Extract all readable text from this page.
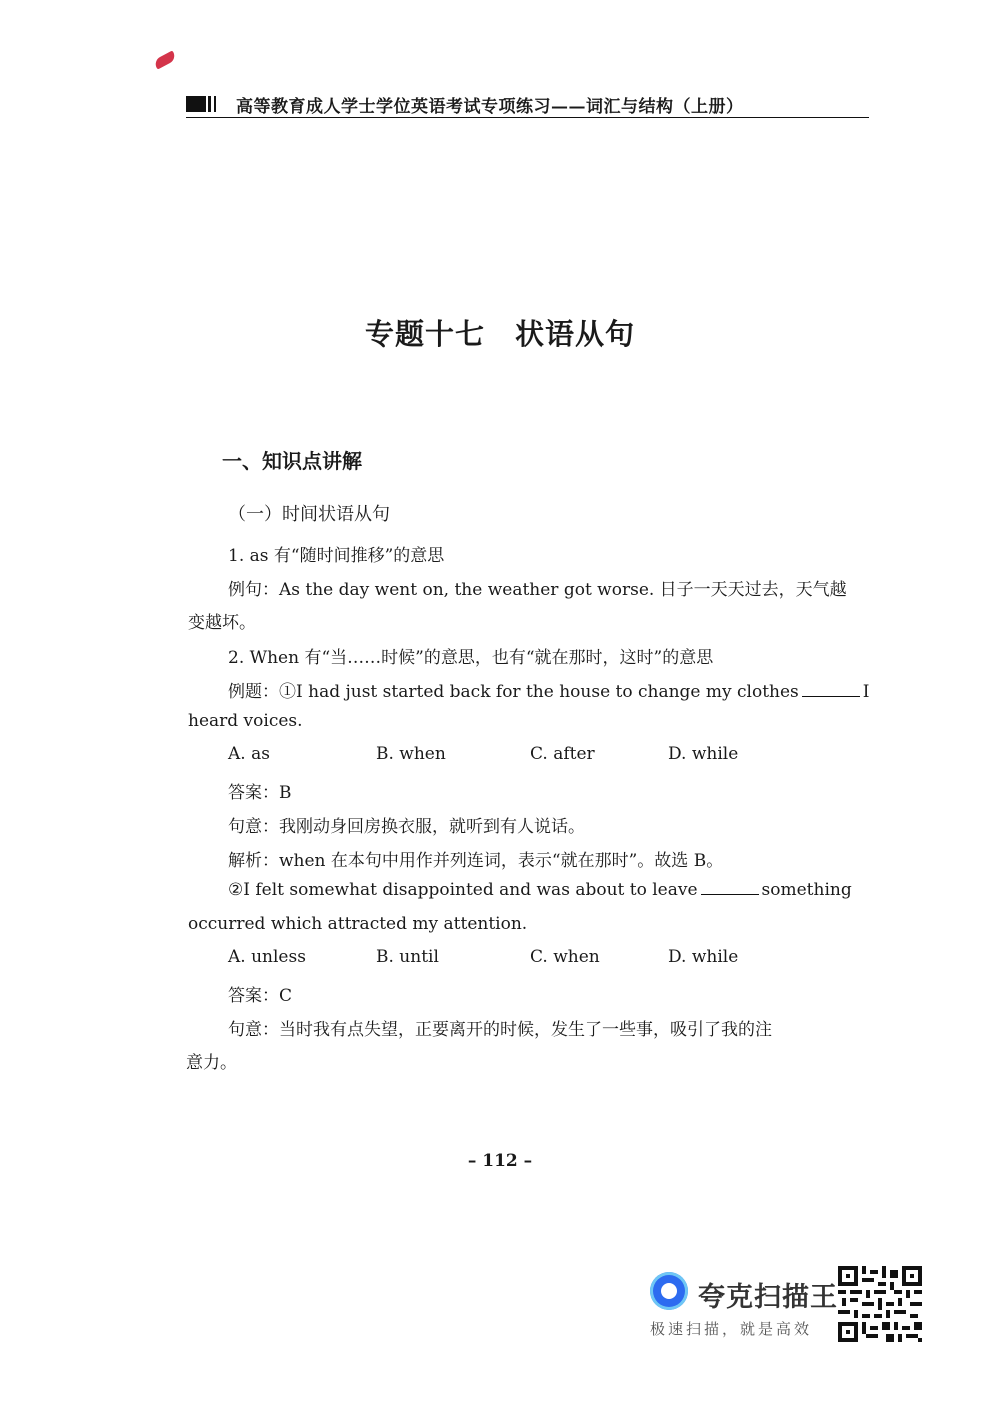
高等教育成人学士学位英语考试专项练习——词汇与结构（上册）
专题十七　状语从句
一、知识点讲解
（一）时间状语从句
1. as 有“随时间推移”的意思
例句：As the day went on, the weather got worse. 日子一天天过去，天气越
变越坏。
2. When 有“当……时候”的意思，也有“就在那时，这时”的意思
例题：①I had just started back for the house to change my clothes	I
heard voices.
A. as	B. when	C. after	D. while
答案：B
句意：我刚动身回房换衣服，就听到有人说话。
解析：when 在本句中用作并列连词，表示“就在那时”。故选 B。
②I felt somewhat disappointed and was about to leave	something
occurred which attracted my attention.
A. unless	B. until	C. when	D. while
答案：C
句意：当时我有点失望，正要离开的时候，发生了一些事，吸引了我的注
意力。
– 112 –
夸克扫描王
极速扫描，就是高效
